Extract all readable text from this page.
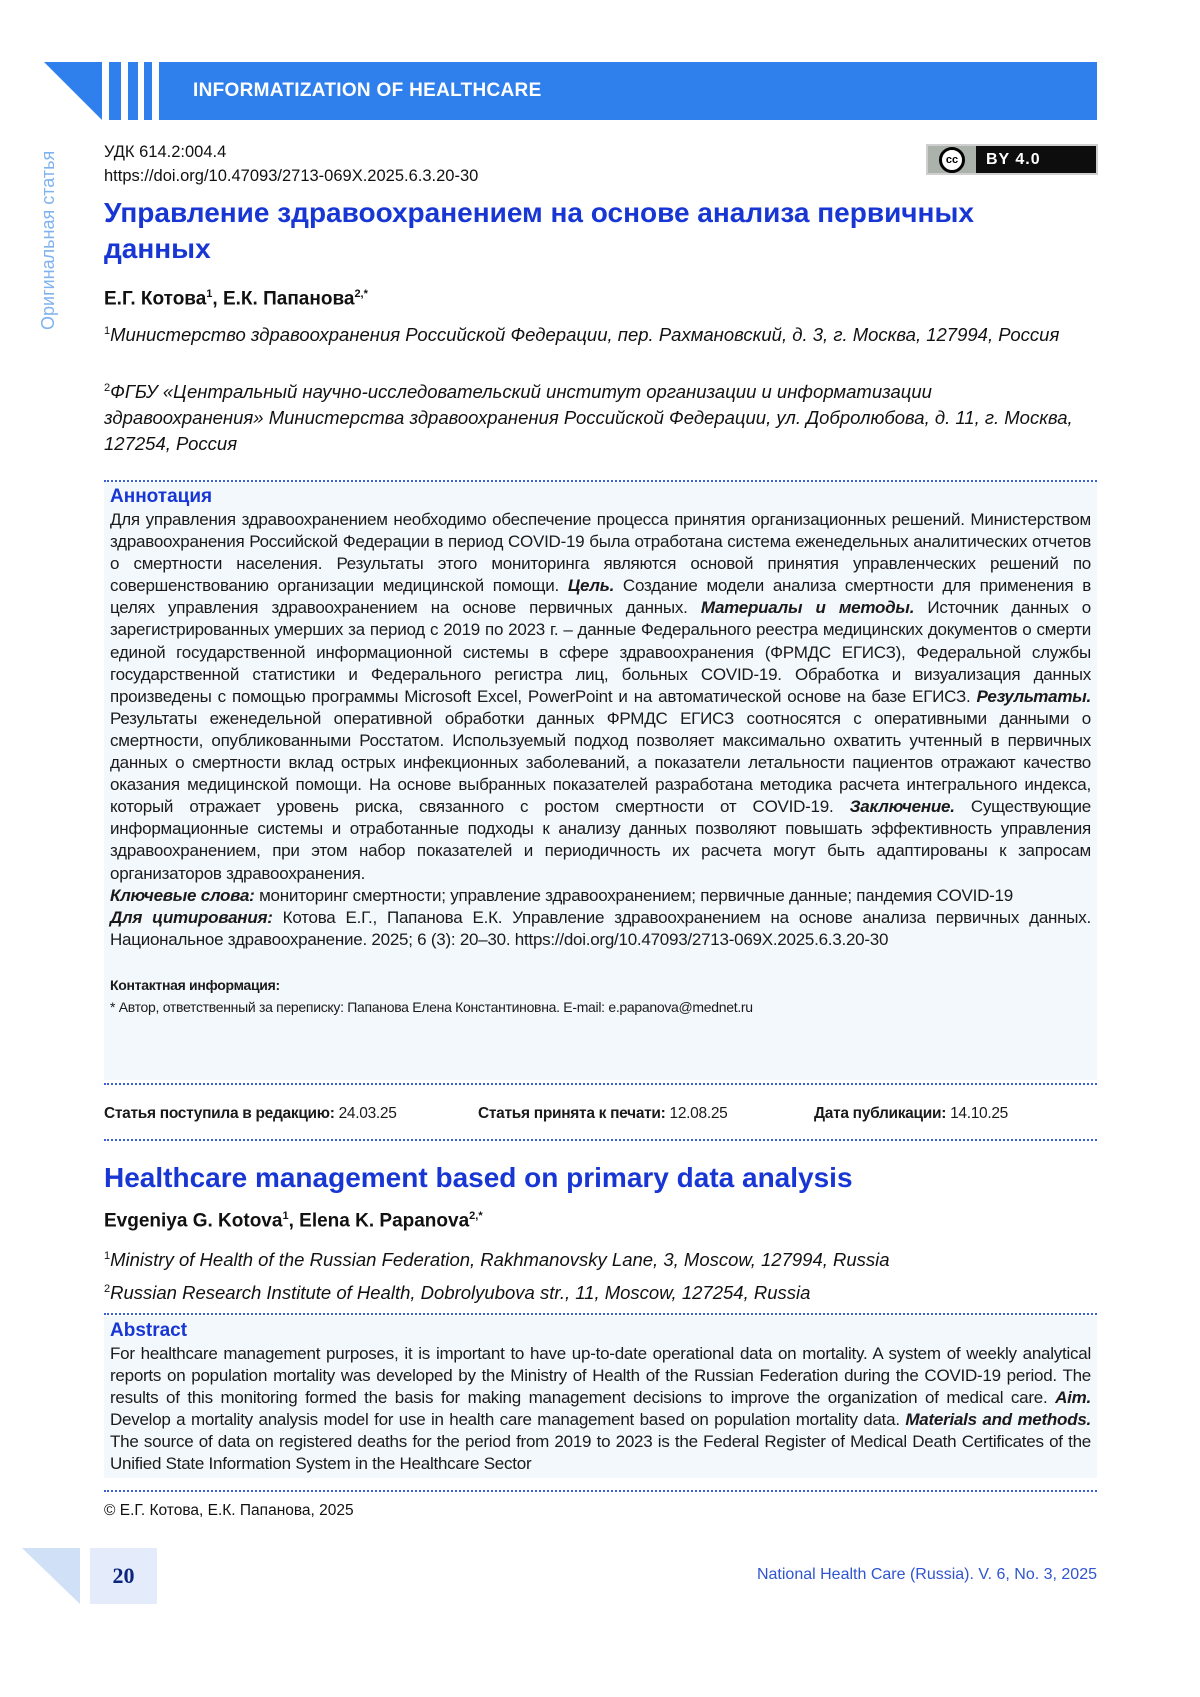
INFORMATIZATION OF HEALTHCARE
Оригинальная статья	УДК 614.2:004.4
https://doi.org/10.47093/2713-069X.2025.6.3.20-30
cc	BY 4.0
Управление здравоохранением на основе анализа первичных данных
Е.Г. Котова$^1$, Е.К. Папанова$^{2,*}$
$^1$Министерство здравоохранения Российской Федерации, пер. Рахмановский, д. 3, г. Москва, 127994, Россия
$^2$ФГБУ «Центральный научно-исследовательский институт организации и информатизации здравоохранения» Министерства здравоохранения Российской Федерации, ул. Добролюбова, д. 11, г. Москва, 127254, Россия
Аннотация

Для управления здравоохранением необходимо обеспечение процесса принятия организационных решений. Министерством здравоохранения Российской Федерации в период COVID-19 была отработана система еженедельных аналитических отчетов о смертности населения. Результаты этого мониторинга являются основой принятия управленческих решений по совершенствованию организации медицинской помощи. Цель. Создание модели анализа смертности для применения в целях управления здравоохранением на основе первичных данных. Материалы и методы. Источник данных о зарегистрированных умерших за период с 2019 по 2023 г. – данные Федерального реестра медицинских документов о смерти единой государственной информационной системы в сфере здравоохранения (ФРМДС ЕГИСЗ), Федеральной службы государственной статистики и Федерального регистра лиц, больных COVID-19. Обработка и визуализация данных произведены с помощью программы Microsoft Excel, PowerPoint и на автоматической основе на базе ЕГИСЗ. Результаты. Результаты еженедельной оперативной обработки данных ФРМДС ЕГИСЗ соотносятся с оперативными данными о смертности, опубликованными Росстатом. Используемый подход позволяет максимально охватить учтенный в первичных данных о смертности вклад острых инфекционных заболеваний, а показатели летальности пациентов отражают качество оказания медицинской помощи. На основе выбранных показателей разработана методика расчета интегрального индекса, который отражает уровень риска, связанного с ростом смертности от COVID-19. Заключение. Существующие информационные системы и отработанные подходы к анализу данных позволяют повышать эффективность управления здравоохранением, при этом набор показателей и периодичность их расчета могут быть адаптированы к запросам организаторов здравоохранения.

Ключевые слова: мониторинг смертности; управление здравоохранением; первичные данные; пандемия COVID-19

Для цитирования: Котова Е.Г., Папанова Е.К. Управление здравоохранением на основе анализа первичных данных. Национальное здравоохранение. 2025; 6 (3): 20–30. https://doi.org/10.47093/2713-069X.2025.6.3.20-30

Контактная информация:

* Автор, ответственный за переписку: Папанова Елена Константиновна. E-mail: e.papanova@mednet.ru

Статья поступила в редакцию: 24.03.25	Статья принята к печати: 12.08.25	Дата публикации: 14.10.25
Healthcare management based on primary data analysis
Evgeniya G. Kotova$^1$, Elena K. Papanova$^{2,*}$
$^1$Ministry of Health of the Russian Federation, Rakhmanovsky Lane, 3, Moscow, 127994, Russia
$^2$Russian Research Institute of Health, Dobrolyubova str., 11, Moscow, 127254, Russia
Abstract

For healthcare management purposes, it is important to have up-to-date operational data on mortality. A system of weekly analytical reports on population mortality was developed by the Ministry of Health of the Russian Federation during the COVID-19 period. The results of this monitoring formed the basis for making management decisions to improve the organization of medical care. Aim. Develop a mortality analysis model for use in health care management based on population mortality data. Materials and methods. The source of data on registered deaths for the period from 2019 to 2023 is the Federal Register of Medical Death Certificates of the Unified State Information System in the Healthcare Sector

© Е.Г. Котова, Е.К. Папанова, 2025
20	National Health Care (Russia). V. 6, No. 3, 2025
